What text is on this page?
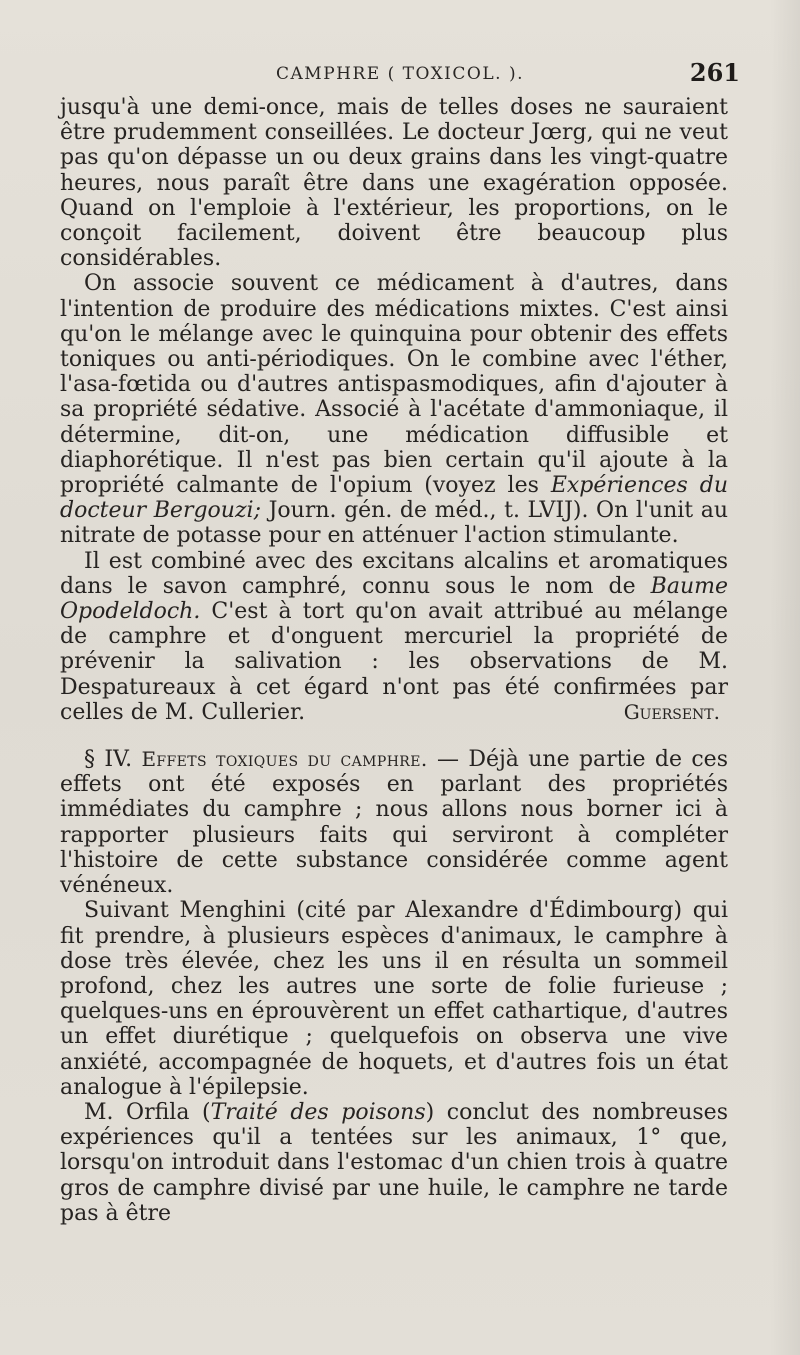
CAMPHRE ( TOXICOL. ).	261

jusqu'à une demi-once, mais de telles doses ne sauraient être prudemment conseillées. Le docteur Jœrg, qui ne veut pas qu'on dépasse un ou deux grains dans les vingt-quatre heures, nous paraît être dans une exagération opposée. Quand on l'emploie à l'extérieur, les proportions, on le conçoit facilement, doivent être beaucoup plus considérables.

On associe souvent ce médicament à d'autres, dans l'intention de produire des médications mixtes. C'est ainsi qu'on le mélange avec le quinquina pour obtenir des effets toniques ou anti-périodiques. On le combine avec l'éther, l'asa-fœtida ou d'autres antispasmodiques, afin d'ajouter à sa propriété sédative. Associé à l'acétate d'ammoniaque, il détermine, dit-on, une médication diffusible et diaphorétique. Il n'est pas bien certain qu'il ajoute à la propriété calmante de l'opium (voyez les Expériences du docteur Bergouzi; Journ. gén. de méd., t. LVIJ). On l'unit au nitrate de potasse pour en atténuer l'action stimulante.

Il est combiné avec des excitans alcalins et aromatiques dans le savon camphré, connu sous le nom de Baume Opodeldoch. C'est à tort qu'on avait attribué au mélange de camphre et d'onguent mercuriel la propriété de prévenir la salivation : les observations de M. Despatureaux à cet égard n'ont pas été confirmées par celles de M. Cullerier.	Guersent.

§ IV. Effets toxiques du camphre. — Déjà une partie de ces effets ont été exposés en parlant des propriétés immédiates du camphre ; nous allons nous borner ici à rapporter plusieurs faits qui serviront à compléter l'histoire de cette substance considérée comme agent vénéneux.

Suivant Menghini (cité par Alexandre d'Édimbourg) qui fit prendre, à plusieurs espèces d'animaux, le camphre à dose très élevée, chez les uns il en résulta un sommeil profond, chez les autres une sorte de folie furieuse ; quelques-uns en éprouvèrent un effet cathartique, d'autres un effet diurétique ; quelquefois on observa une vive anxiété, accompagnée de hoquets, et d'autres fois un état analogue à l'épilepsie.

M. Orfila (Traité des poisons) conclut des nombreuses expériences qu'il a tentées sur les animaux, 1° que, lorsqu'on introduit dans l'estomac d'un chien trois à quatre gros de camphre divisé par une huile, le camphre ne tarde pas à être
